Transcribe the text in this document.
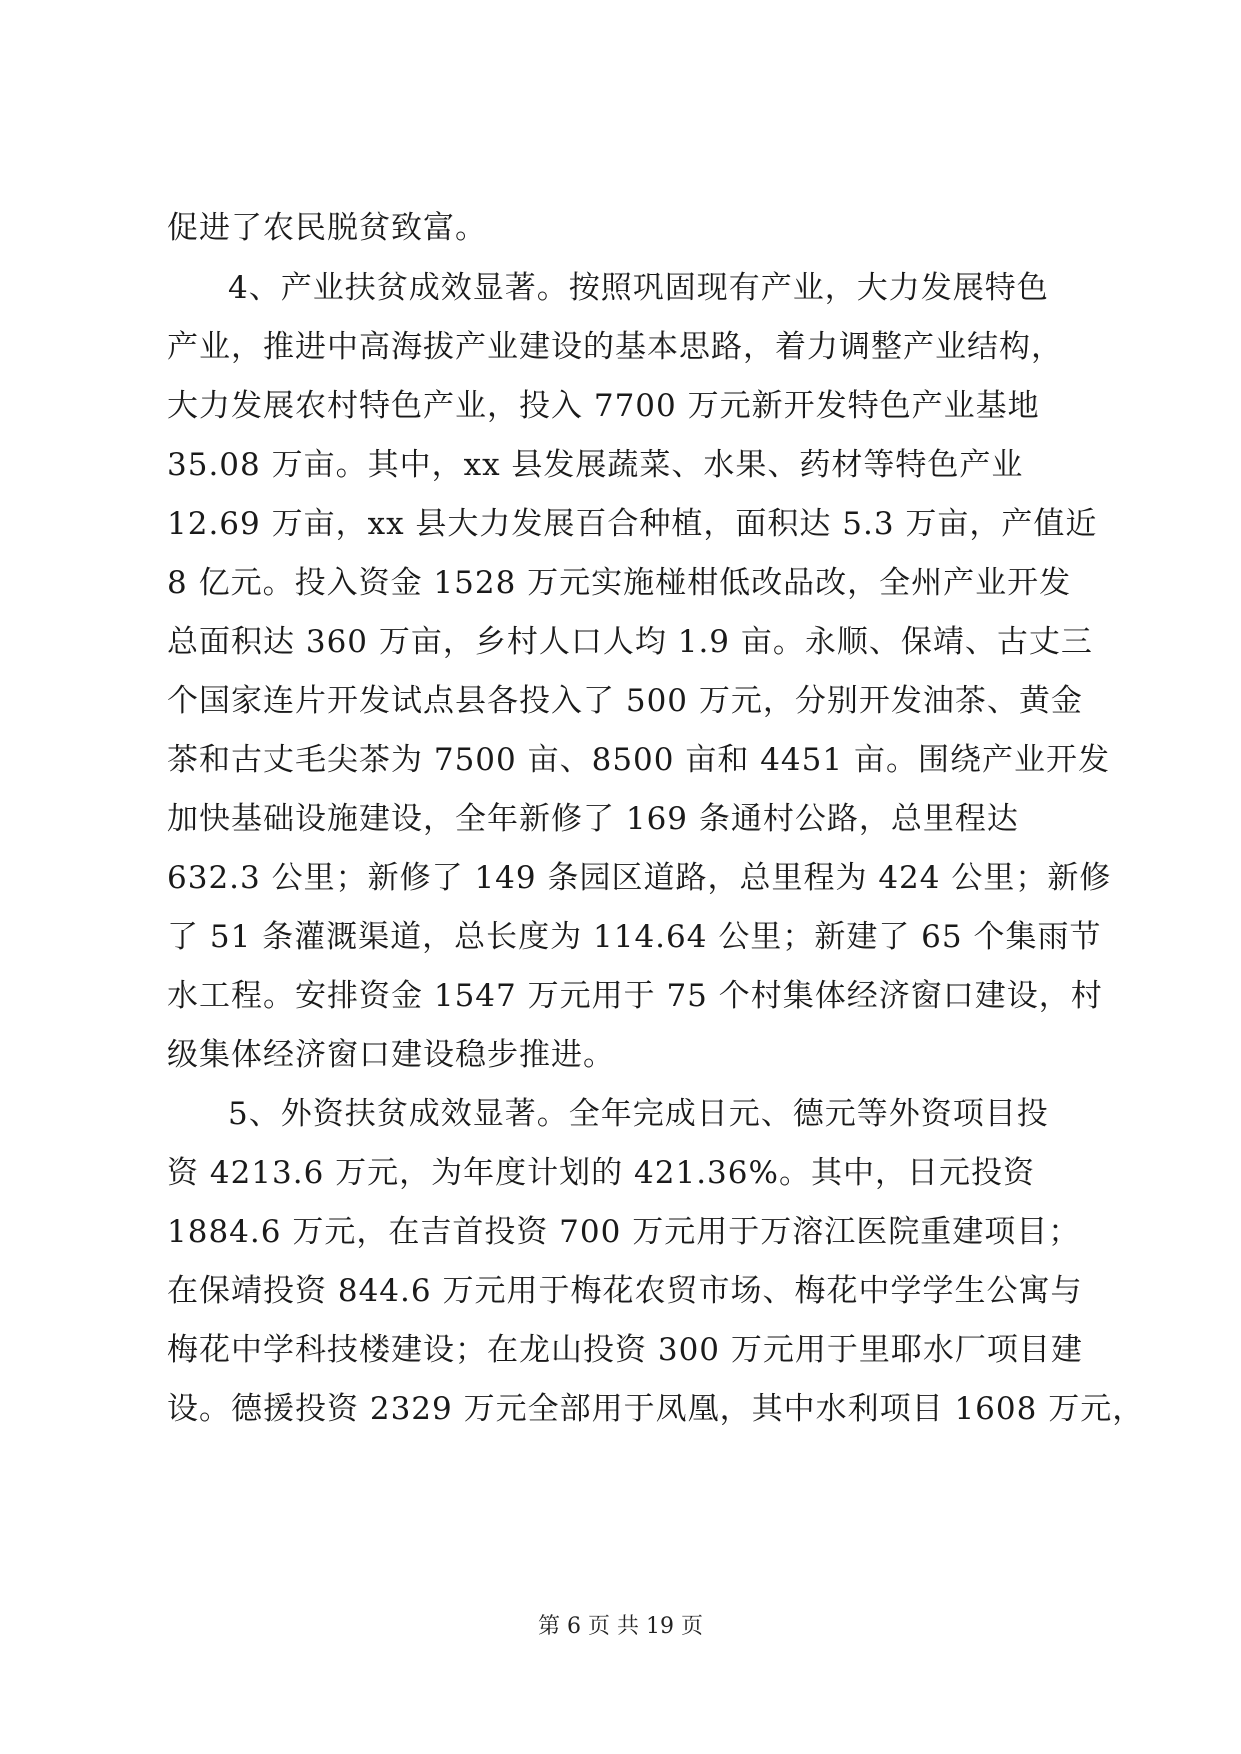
促进了农民脱贫致富。
4、产业扶贫成效显著。按照巩固现有产业，大力发展特色
产业，推进中高海拔产业建设的基本思路，着力调整产业结构，
大力发展农村特色产业，投入 7700 万元新开发特色产业基地
35.08 万亩。其中，xx 县发展蔬菜、水果、药材等特色产业
12.69 万亩，xx 县大力发展百合种植，面积达 5.3 万亩，产值近
8 亿元。投入资金 1528 万元实施椪柑低改品改，全州产业开发
总面积达 360 万亩，乡村人口人均 1.9 亩。永顺、保靖、古丈三
个国家连片开发试点县各投入了 500 万元，分别开发油茶、黄金
茶和古丈毛尖茶为 7500 亩、8500 亩和 4451 亩。围绕产业开发
加快基础设施建设，全年新修了 169 条通村公路，总里程达
632.3 公里；新修了 149 条园区道路，总里程为 424 公里；新修
了 51 条灌溉渠道，总长度为 114.64 公里；新建了 65 个集雨节
水工程。安排资金 1547 万元用于 75 个村集体经济窗口建设，村
级集体经济窗口建设稳步推进。
5、外资扶贫成效显著。全年完成日元、德元等外资项目投
资 4213.6 万元，为年度计划的 421.36%。其中，日元投资
1884.6 万元，在吉首投资 700 万元用于万溶江医院重建项目；
在保靖投资 844.6 万元用于梅花农贸市场、梅花中学学生公寓与
梅花中学科技楼建设；在龙山投资 300 万元用于里耶水厂项目建
设。德援投资 2329 万元全部用于凤凰，其中水利项目 1608 万元，
第 6 页 共 19 页
